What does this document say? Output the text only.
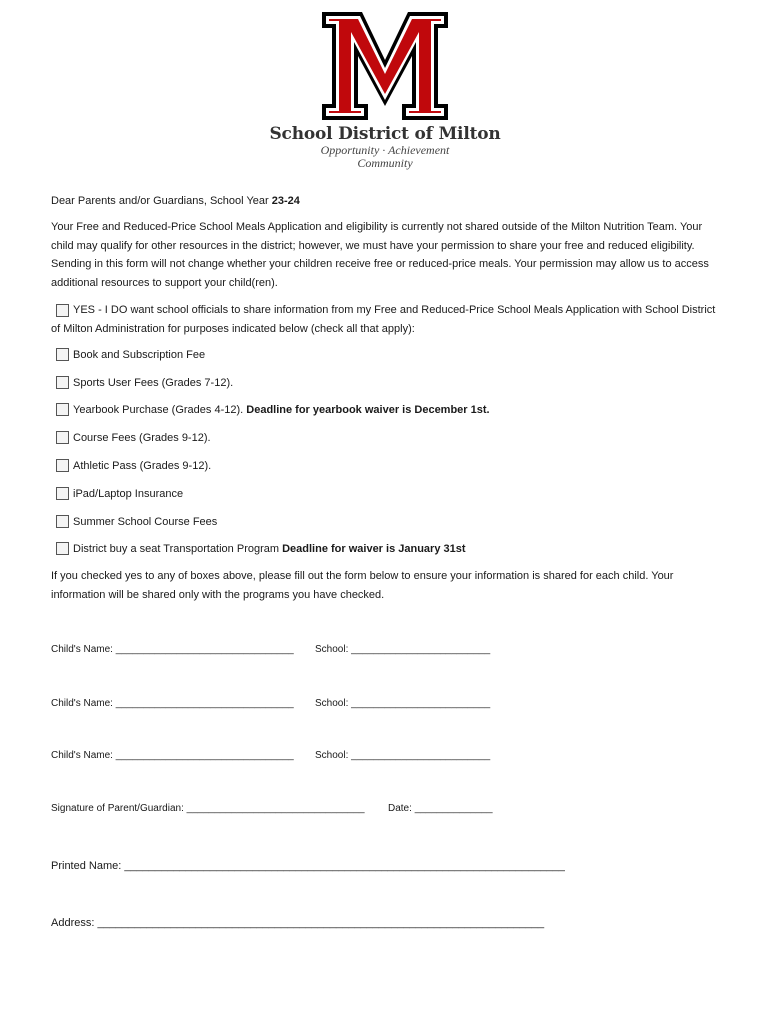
School District of Milton
Opportunity · Achievement
Community
Dear Parents and/or Guardians, School Year 23-24
Your Free and Reduced-Price School Meals Application and eligibility is currently not shared outside of the Milton Nutrition Team. Your
child may qualify for other resources in the district; however, we must have your permission to share your free and reduced eligibility.
Sending in this form will not change whether your children receive free or reduced-price meals. Your permission may allow us to access
additional resources to support your child(ren).
YES - I DO want school officials to share information from my Free and Reduced-Price School Meals Application with School District
of Milton Administration for purposes indicated below (check all that apply):
Book and Subscription Fee
Sports User Fees (Grades 7-12).
Yearbook Purchase (Grades 4-12).
Deadline for yearbook waiver is December 1st.
Course Fees (Grades 9-12).
Athletic Pass (Grades 9-12).
iPad/Laptop Insurance
Summer School Course Fees
District buy a seat Transportation Program
Deadline for waiver is January 31st
If you checked yes to any of boxes above, please fill out the form below to ensure your information is shared for each child. Your
information will be shared only with the programs you have checked.
Child's Name: ________________________________ School: _________________________
Child's Name: ________________________________ School: _________________________
Child's Name: ________________________________ School: _________________________
Signature of Parent/Guardian: ________________________________ Date: ______________
Printed Name: ________________________________________________________________________
Address: _________________________________________________________________________
